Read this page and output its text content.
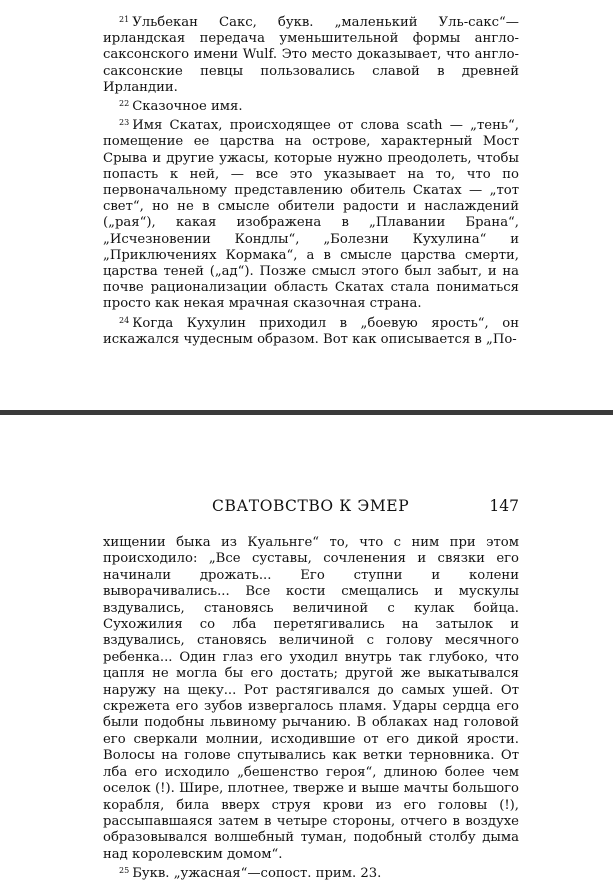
$^{21}$ Ульбекан Сакс, букв. „маленький Уль-сакс“—ирландская передача уменьшительной формы англо-саксонского имени Wulf. Это место доказывает, что англо-саксонские певцы пользовались славой в древней Ирландии.

$^{22}$ Сказочное имя.

$^{23}$ Имя Скатах, происходящее от слова scath — „тень“, помещение ее царства на острове, характерный Мост Срыва и другие ужасы, которые нужно преодолеть, чтобы попасть к ней, — все это указывает на то, что по первоначальному представлению обитель Скатах — „тот свет“, но не в смысле обители радости и наслаждений („рая“), какая изображена в „Плавании Брана“, „Исчезновении Кондлы“, „Болезни Кухулина“ и „Приключениях Кормака“, а в смысле царства смерти, царства теней („ад“). Позже смысл этого был забыт, и на почве рационализации область Скатах стала пониматься просто как некая мрачная сказочная страна.

$^{24}$ Когда Кухулин приходил в „боевую ярость“, он искажался чудесным образом. Вот как описывается в „По-

СВАТОВСТВО К ЭМЕР	147

хищении быка из Куальнге“ то, что с ним при этом происходило: „Все суставы, сочленения и связки его начинали дрожать... Его ступни и колени выворачивались... Все кости смещались и мускулы вздувались, становясь величиной с кулак бойца. Сухожилия со лба перетягивались на затылок и вздувались, становясь величиной с голову месячного ребенка... Один глаз его уходил внутрь так глубоко, что цапля не могла бы его достать; другой же выкатывался наружу на щеку... Рот растягивался до самых ушей. От скрежета его зубов извергалось пламя. Удары сердца его были подобны львиному рычанию. В облаках над головой его сверкали молнии, исходившие от его дикой ярости. Волосы на голове спутывались как ветки терновника. От лба его исходило „бешенство героя“, длиною более чем оселок (!). Шире, плотнее, тверже и выше мачты большого корабля, била вверх струя крови из его головы (!), рассыпавшаяся затем в четыре стороны, отчего в воздухе образовывался волшебный туман, подобный столбу дыма над королевским домом“.

$^{25}$ Букв. „ужасная“—сопост. прим. 23.
